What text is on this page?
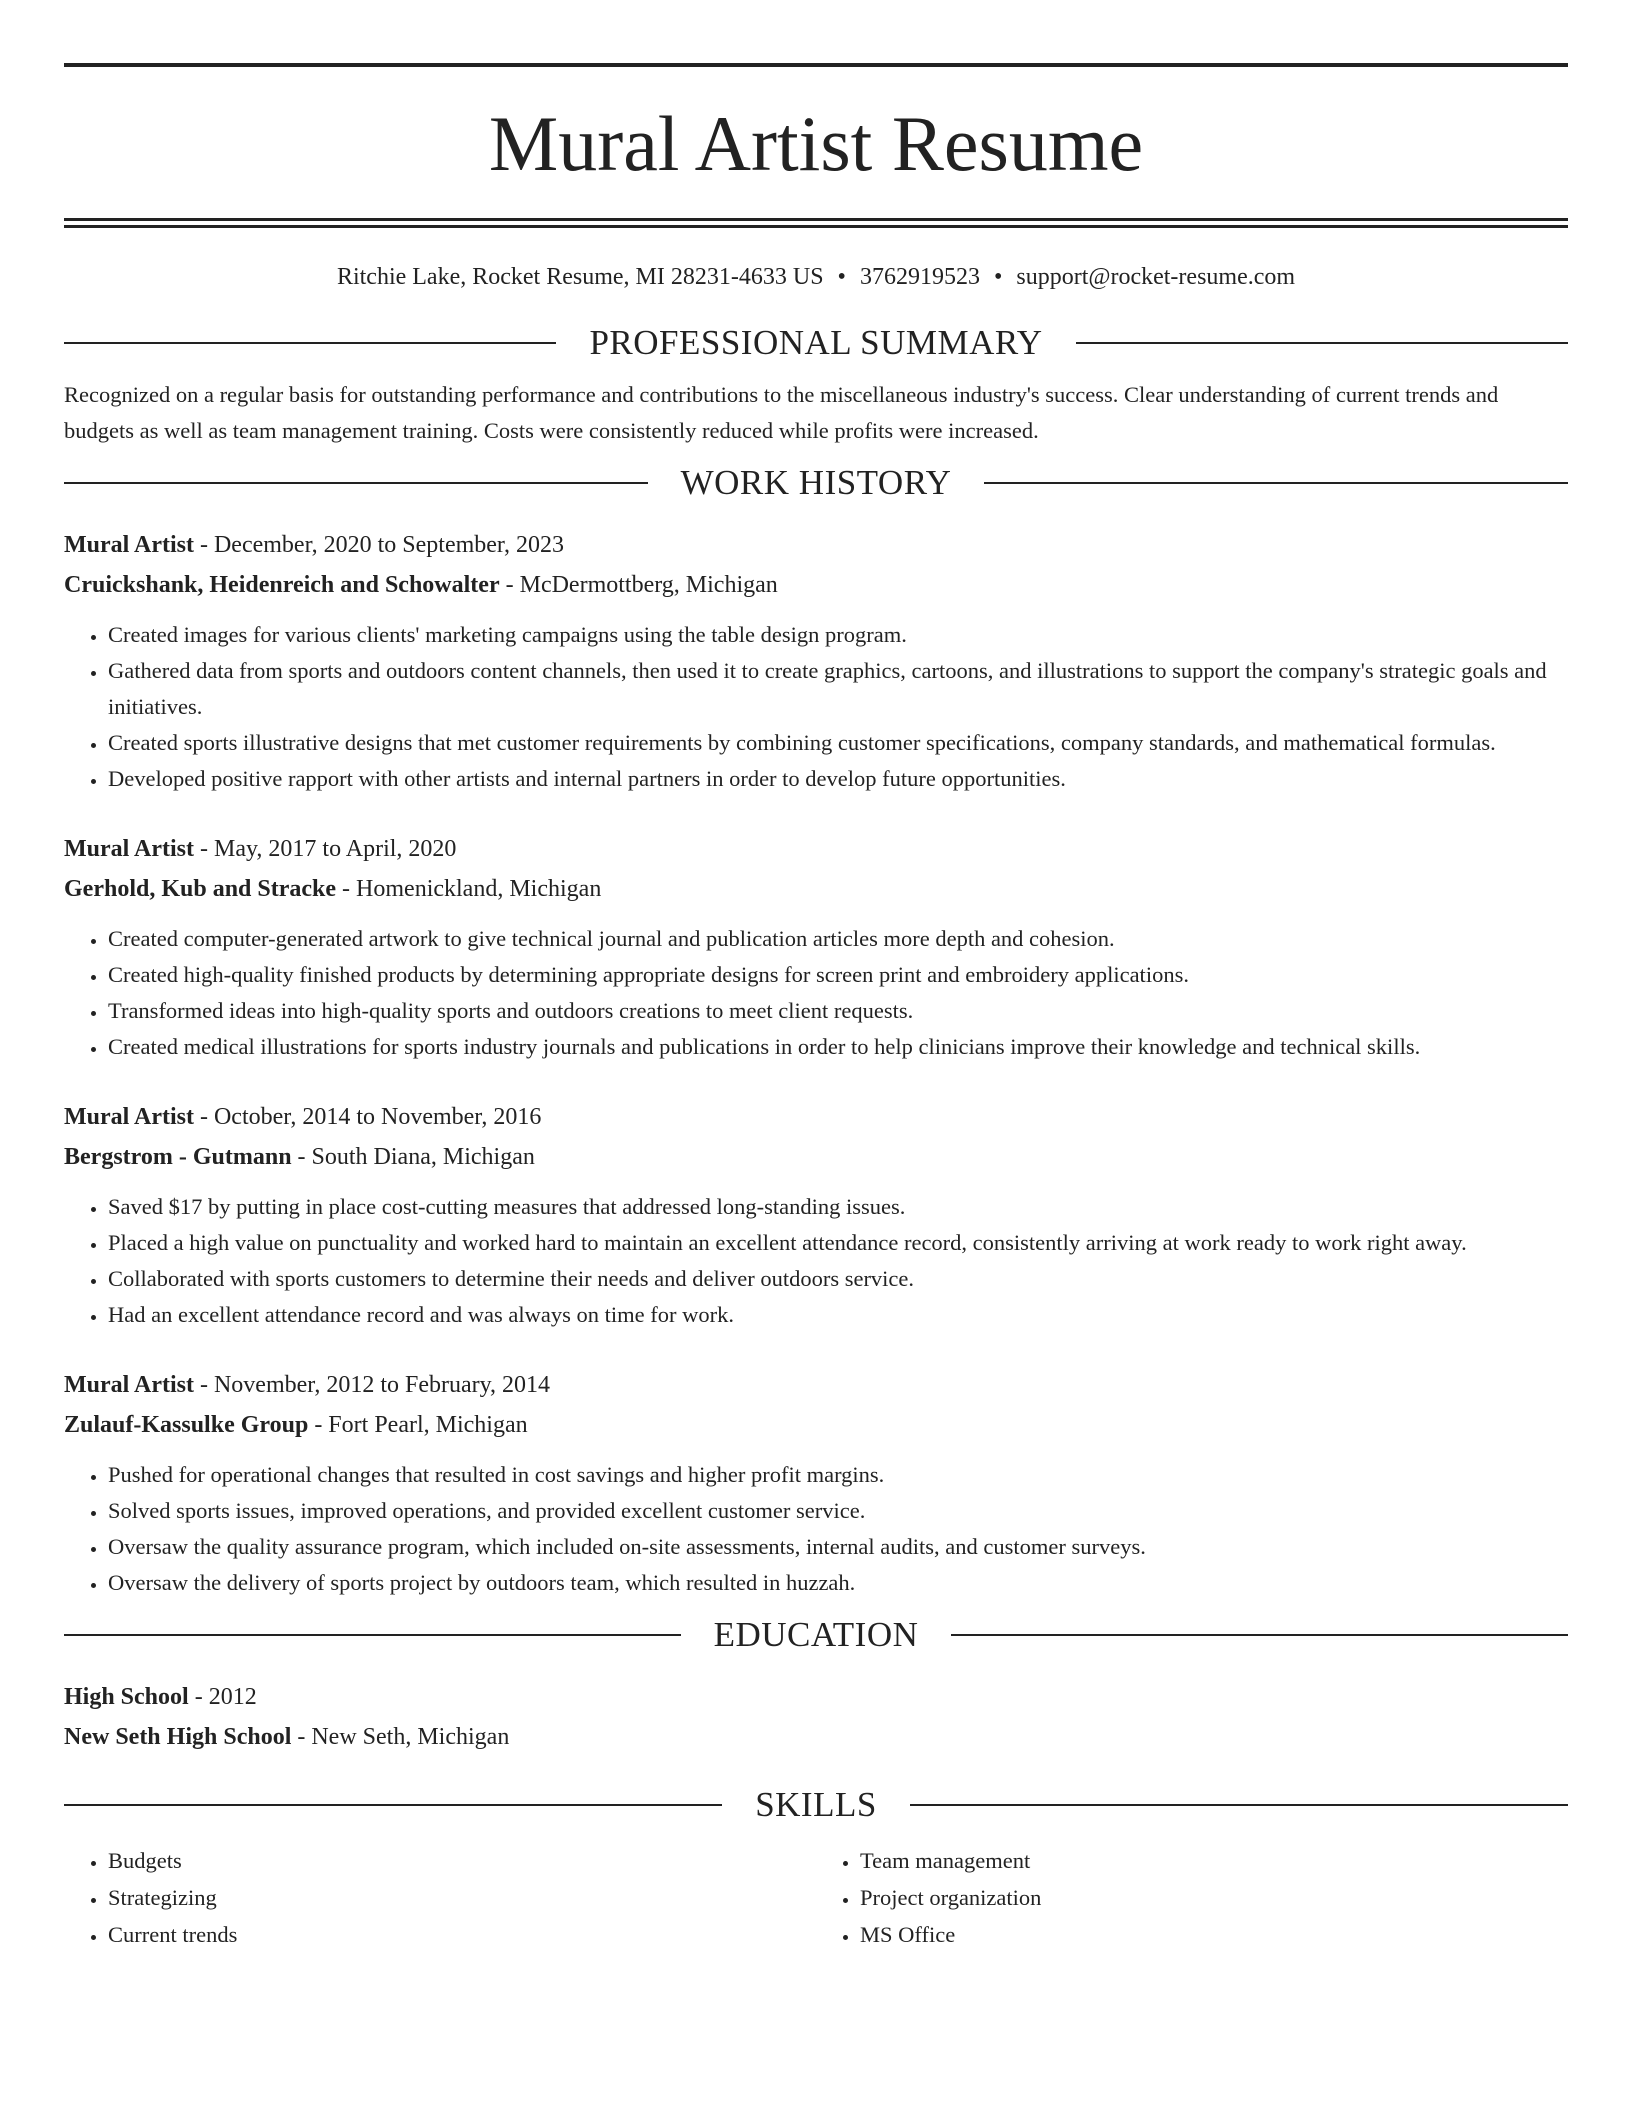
Mural Artist Resume
Ritchie Lake, Rocket Resume, MI 28231-4633 US • 3762919523 • support@rocket-resume.com
PROFESSIONAL SUMMARY

Recognized on a regular basis for outstanding performance and contributions to the miscellaneous industry's success. Clear understanding of current trends and budgets as well as team management training. Costs were consistently reduced while profits were increased.

WORK HISTORY
Mural Artist - December, 2020 to September, 2023
Cruickshank, Heidenreich and Schowalter - McDermottberg, Michigan
• Created images for various clients' marketing campaigns using the table design program.
• Gathered data from sports and outdoors content channels, then used it to create graphics, cartoons, and illustrations to support the company's strategic goals and initiatives.
• Created sports illustrative designs that met customer requirements by combining customer specifications, company standards, and mathematical formulas.
• Developed positive rapport with other artists and internal partners in order to develop future opportunities.
Mural Artist - May, 2017 to April, 2020
Gerhold, Kub and Stracke - Homenickland, Michigan
• Created computer-generated artwork to give technical journal and publication articles more depth and cohesion.
• Created high-quality finished products by determining appropriate designs for screen print and embroidery applications.
• Transformed ideas into high-quality sports and outdoors creations to meet client requests.
• Created medical illustrations for sports industry journals and publications in order to help clinicians improve their knowledge and technical skills.
Mural Artist - October, 2014 to November, 2016
Bergstrom - Gutmann - South Diana, Michigan
• Saved $17 by putting in place cost-cutting measures that addressed long-standing issues.
• Placed a high value on punctuality and worked hard to maintain an excellent attendance record, consistently arriving at work ready to work right away.
• Collaborated with sports customers to determine their needs and deliver outdoors service.
• Had an excellent attendance record and was always on time for work.
Mural Artist - November, 2012 to February, 2014
Zulauf-Kassulke Group - Fort Pearl, Michigan
• Pushed for operational changes that resulted in cost savings and higher profit margins.
• Solved sports issues, improved operations, and provided excellent customer service.
• Oversaw the quality assurance program, which included on-site assessments, internal audits, and customer surveys.
• Oversaw the delivery of sports project by outdoors team, which resulted in huzzah.
EDUCATION
High School - 2012
New Seth High School - New Seth, Michigan
SKILLS
• Budgets
• Strategizing
• Current trends
• Team management
• Project organization
• MS Office
